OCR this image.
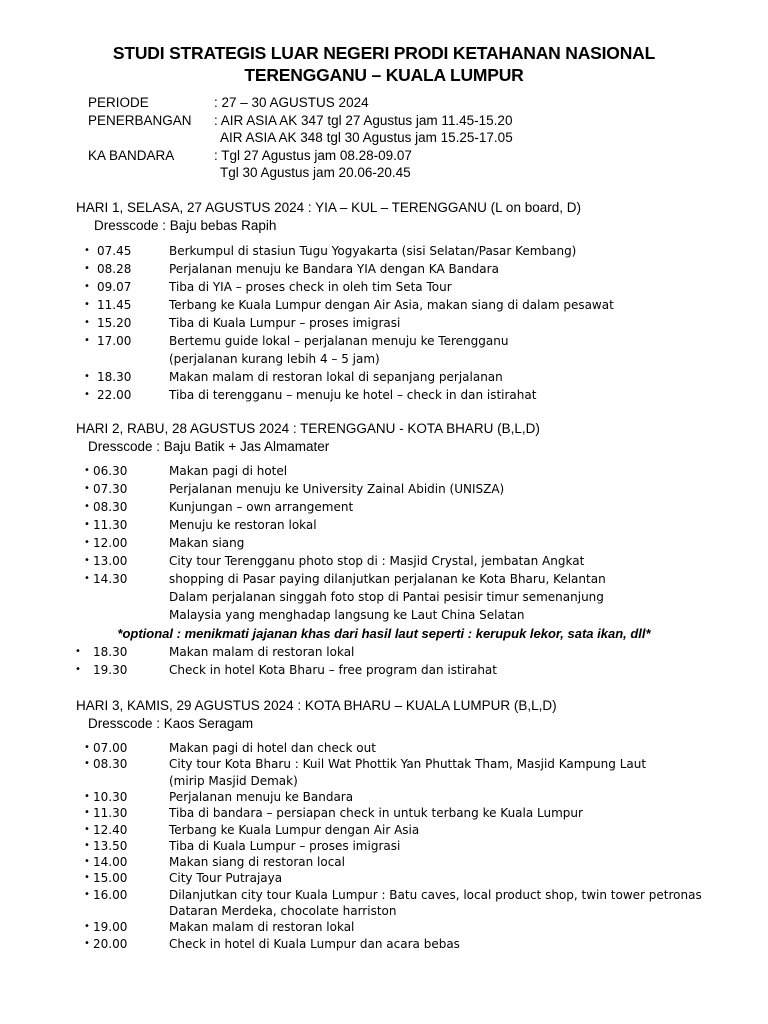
STUDI STRATEGIS LUAR NEGERI PRODI KETAHANAN NASIONAL
TERENGGANU – KUALA LUMPUR
PERIODE	: 27 – 30 AGUSTUS 2024
PENERBANGAN	: AIR ASIA AK 347 tgl 27 Agustus jam 11.45-15.20
AIR ASIA AK 348 tgl 30 Agustus jam 15.25-17.05
KA BANDARA	: Tgl 27 Agustus jam 08.28-09.07
Tgl 30 Agustus jam 20.06-20.45
HARI 1, SELASA, 27 AGUSTUS 2024 : YIA – KUL – TERENGGANU (L on board, D)
Dresscode : Baju bebas Rapih
• 07.45	Berkumpul di stasiun Tugu Yogyakarta (sisi Selatan/Pasar Kembang)
• 08.28	Perjalanan menuju ke Bandara YIA dengan KA Bandara
• 09.07	Tiba di YIA – proses check in oleh tim Seta Tour
• 11.45	Terbang ke Kuala Lumpur dengan Air Asia, makan siang di dalam pesawat
• 15.20	Tiba di Kuala Lumpur – proses imigrasi
• 17.00	Bertemu guide lokal – perjalanan menuju ke Terengganu
(perjalanan kurang lebih 4 – 5 jam)
• 18.30	Makan malam di restoran lokal di sepanjang perjalanan
• 22.00	Tiba di terengganu – menuju ke hotel – check in dan istirahat
HARI 2, RABU, 28 AGUSTUS 2024 : TERENGGANU - KOTA BHARU (B,L,D)
Dresscode : Baju Batik + Jas Almamater
• 06.30	Makan pagi di hotel
• 07.30	Perjalanan menuju ke University Zainal Abidin (UNISZA)
• 08.30	Kunjungan – own arrangement
• 11.30	Menuju ke restoran lokal
• 12.00	Makan siang
• 13.00	City tour Terengganu photo stop di : Masjid Crystal, jembatan Angkat
• 14.30	shopping di Pasar paying dilanjutkan perjalanan ke Kota Bharu, Kelantan
Dalam perjalanan singgah foto stop di Pantai pesisir timur semenanjung
Malaysia yang menghadap langsung ke Laut China Selatan
*optional : menikmati jajanan khas dari hasil laut seperti : kerupuk lekor, sata ikan, dll*
• 18.30	Makan malam di restoran lokal
• 19.30	Check in hotel Kota Bharu – free program dan istirahat
HARI 3, KAMIS, 29 AGUSTUS 2024 : KOTA BHARU – KUALA LUMPUR (B,L,D)
Dresscode : Kaos Seragam
• 07.00	Makan pagi di hotel dan check out
• 08.30	City tour Kota Bharu : Kuil Wat Phottik Yan Phuttak Tham, Masjid Kampung Laut
(mirip Masjid Demak)
• 10.30	Perjalanan menuju ke Bandara
• 11.30	Tiba di bandara – persiapan check in untuk terbang ke Kuala Lumpur
• 12.40	Terbang ke Kuala Lumpur dengan Air Asia
• 13.50	Tiba di Kuala Lumpur – proses imigrasi
• 14.00	Makan siang di restoran local
• 15.00	City Tour Putrajaya
• 16.00	Dilanjutkan city tour Kuala Lumpur : Batu caves, local product shop, twin tower petronas
Dataran Merdeka, chocolate harriston
• 19.00	Makan malam di restoran lokal
• 20.00	Check in hotel di Kuala Lumpur dan acara bebas
